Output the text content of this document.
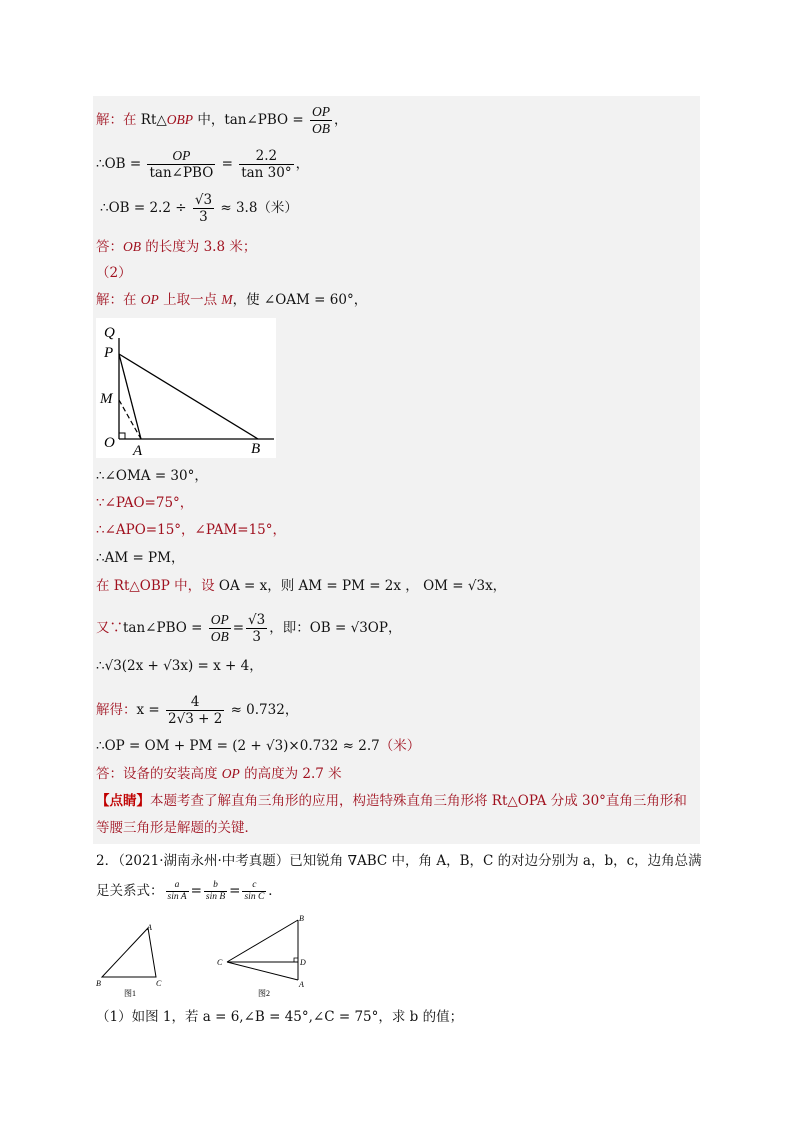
解：在 Rt△OBP 中，tan∠PBO = $\frac{OP}{OB}$ ，
∴OB = $\frac{OP}{\text{tan∠PBO}} = \frac{2.2}{\tan 30^\circ}$ ，
∴OB = $2.2 \div \frac{√3}{3} \approx 3.8$（米）
答：OB 的长度为 3.8 米；
（2）
解：在 OP 上取一点 M，使 ∠OAM = 60°，
Q
P
M
O A	B
∴∠OMA = 30°，
∵∠PAO=75°，
∴∠APO=15°，∠PAM=15°，
∴AM = PM，
在 Rt△OBP 中，设 OA = x，则 AM = PM = 2x ， OM = √3x，
又∵tan∠PBO = $\frac{OP}{OB} = \frac{√3}{3}$ ，即：OB = √3OP，
∴√3(2x + √3x) = x + 4，
解得：$x = \frac{4}{2√3 + 2} \approx 0.732$，
∴OP = OM + PM = (2 + √3)×0.732 ≈ 2.7（米）
答：设备的安装高度 OP 的高度为 2.7 米
【点睛】本题考查了解直角三角形的应用，构造特殊直角三角形将 Rt△OPA 分成 30°直角三角形和
等腰三角形是解题的关键．
2．（2021·湖南永州·中考真题）已知锐角 ∇ABC 中，角 A，B，C 的对边分别为 a，b，c，边角总满
足关系式： $\frac{a}{\text{sin A}} = \frac{b}{\text{sin B}} = \frac{c}{\text{sin C}}$ ．
A
B	C
图1
B
C	D
A
图2
（1）如图 1，若 a = 6,∠B = 45°,∠C = 75°，求 b 的值；
